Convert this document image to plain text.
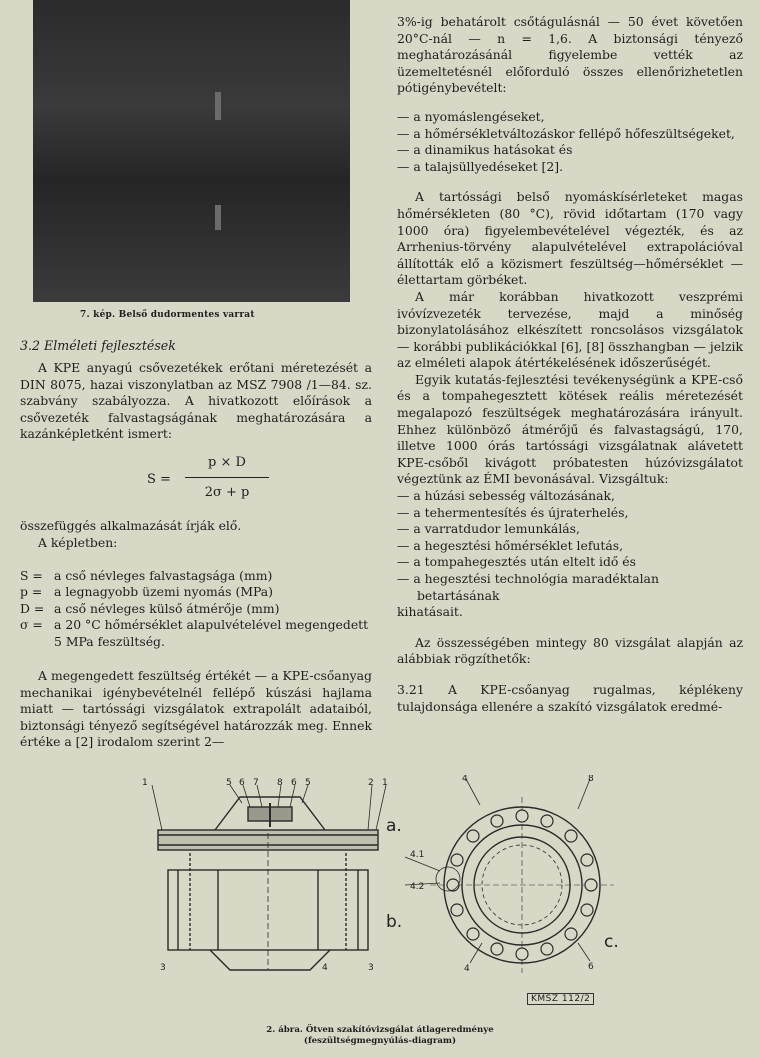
7. kép. Belső dudormentes varrat
3.2 Elméleti fejlesztések

A KPE anyagú csővezetékek erőtani méretezését a DIN 8075, hazai viszonylatban az MSZ 7908 /1—84. sz. szabvány szabályozza. A hivatkozott előírások a csővezeték falvastagságának meghatározására a kazánképletként ismert:

S =
p × D
2σ + p

összefüggés alkalmazását írják elő.

A képletben:

S = a cső névleges falvastagsága (mm)
p = a legnagyobb üzemi nyomás (MPa)
D = a cső névleges külső átmérője (mm)
σ = a 20 °C hőmérséklet alapulvételével megengedett 5 MPa feszültség.

A megengedett feszültség értékét — a KPE-csőanyag mechanikai igénybevételnél fellépő kúszási hajlama miatt — tartóssági vizsgálatok extrapolált adataiból, biztonsági tényező segítségével határozzák meg. Ennek értéke a [2] irodalom szerint 2—

3%-ig behatárolt csőtágulásnál — 50 évet követően 20°C-nál — n = 1,6. A biztonsági tényező meghatározásánál figyelembe vették az üzemeltetésnél előforduló összes ellenőrizhetetlen pótigénybevételt:

— a nyomáslengéseket,
— a hőmérsékletváltozáskor fellépő hőfeszültségeket,
— a dinamikus hatásokat és
— a talajsüllyedéseket [2].

A tartóssági belső nyomáskísérleteket magas hőmérsékleten (80 °C), rövid időtartam (170 vagy 1000 óra) figyelembevételével végezték, és az Arrhenius-törvény alapulvételével extrapolációval állították elő a közismert feszültség—hőmérséklet —élettartam görbéket.

A már korábban hivatkozott veszprémi ivóvízvezeték tervezése, majd a minőség bizonylatolásához elkészített roncsolásos vizsgálatok — korábbi publikációkkal [6], [8] összhangban — jelzik az elméleti alapok átértékelésének időszerűségét.

Egyik kutatás-fejlesztési tevékenységünk a KPE-cső és a tompahegesztett kötések reális méretezését megalapozó feszültségek meghatározására irányult. Ehhez különböző átmérőjű és falvastagságú, 170, illetve 1000 órás tartóssági vizsgálatnak alávetett KPE-csőből kivágott próbatesten húzóvizsgálatot végeztünk az ÉMI bevonásával. Vizsgáltuk:

— a húzási sebesség változásának,
— a tehermentesítés és újraterhelés,
— a varratdudor lemunkálás,
— a hegesztési hőmérséklet lefutás,
— a tompahegesztés után eltelt idő és
— a hegesztési technológia maradéktalan betartásának

kihatásait.

Az összességében mintegy 80 vizsgálat alapján az alábbiak rögzíthetők:

3.21 A KPE-csőanyag rugalmas, képlékeny tulajdonsága ellenére a szakító vizsgálatok eredmé-

1	5 6 7 8 6 5	2 1
3	4	3
4	8
4.1
4.2
4	6
a.
b.
c.
KMSZ 112/2
2. ábra. Ötven szakítóvizsgálat átlageredménye
(feszültségmegnyúlás-diagram)
